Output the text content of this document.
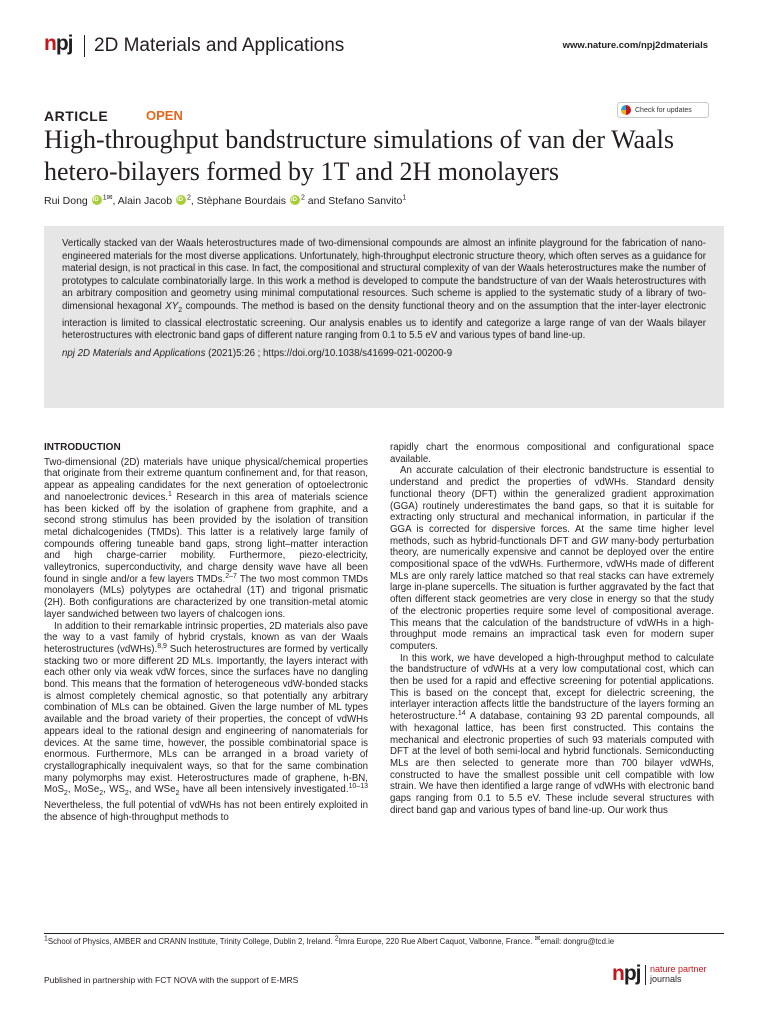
npj 2D Materials and Applications	www.nature.com/npj2dmaterials
ARTICLE	OPEN	Check for updates
High-throughput bandstructure simulations of van der Waals hetero-bilayers formed by 1T and 2H monolayers
Rui Dong iD $^{1✉}$, Alain Jacob iD $^2$, Stèphane Bourdais iD $^2$ and Stefano Sanvito$^1$

Vertically stacked van der Waals heterostructures made of two-dimensional compounds are almost an infinite playground for the fabrication of nano-engineered materials for the most diverse applications. Unfortunately, high-throughput electronic structure theory, which often serves as a guidance for material design, is not practical in this case. In fact, the compositional and structural complexity of van der Waals heterostructures make the number of prototypes to calculate combinatorially large. In this work a method is developed to compute the bandstructure of van der Waals heterostructures with an arbitrary composition and geometry using minimal computational resources. Such scheme is applied to the systematic study of a library of two-dimensional hexagonal $XY_2$ compounds. The method is based on the density functional theory and on the assumption that the inter-layer electronic interaction is limited to classical electrostatic screening. Our analysis enables us to identify and categorize a large range of van der Waals bilayer heterostructures with electronic band gaps of different nature ranging from 0.1 to 5.5 eV and various types of band line-up.

npj 2D Materials and Applications (2021)5:26 ; https://doi.org/10.1038/s41699-021-00200-9

INTRODUCTION

Two-dimensional (2D) materials have unique physical/chemical properties that originate from their extreme quantum confinement and, for that reason, appear as appealing candidates for the next generation of optoelectronic and nanoelectronic devices.$^1$ Research in this area of materials science has been kicked off by the isolation of graphene from graphite, and a second strong stimulus has been provided by the isolation of transition metal dichalcogenides (TMDs). This latter is a relatively large family of compounds offering tuneable band gaps, strong light–matter interaction and high charge-carrier mobility. Furthermore, piezo-electricity, valleytronics, superconductivity, and charge density wave have all been found in single and/or a few layers TMDs.$^{2-7}$ The two most common TMDs monolayers (MLs) polytypes are octahedral (1T) and trigonal prismatic (2H). Both configurations are characterized by one transition-metal atomic layer sandwiched between two layers of chalcogen ions.

In addition to their remarkable intrinsic properties, 2D materials also pave the way to a vast family of hybrid crystals, known as van der Waals heterostructures (vdWHs).$^{8,9}$ Such heterostructures are formed by vertically stacking two or more different 2D MLs. Importantly, the layers interact with each other only via weak vdW forces, since the surfaces have no dangling bond. This means that the formation of heterogeneous vdW-bonded stacks is almost completely chemical agnostic, so that potentially any arbitrary combination of MLs can be obtained. Given the large number of ML types available and the broad variety of their properties, the concept of vdWHs appears ideal to the rational design and engineering of nanomaterials for devices. At the same time, however, the possible combinatorial space is enormous. Furthermore, MLs can be arranged in a broad variety of crystallographically inequivalent ways, so that for the same combination many polymorphs may exist. Heterostructures made of graphene, h-BN, MoS$_2$, MoSe$_2$, $WS_2$, and WSe$_2$ have all been intensively investigated.$^{10-13}$ Nevertheless, the full potential of vdWHs has not been entirely exploited in the absence of high-throughput methods to

rapidly chart the enormous compositional and configurational space available.

An accurate calculation of their electronic bandstructure is essential to understand and predict the properties of vdWHs. Standard density functional theory (DFT) within the generalized gradient approximation (GGA) routinely underestimates the band gaps, so that it is suitable for extracting only structural and mechanical information, in particular if the GGA is corrected for dispersive forces. At the same time higher level methods, such as hybrid-functionals DFT and GW many-body perturbation theory, are numerically expensive and cannot be deployed over the entire compositional space of the vdWHs. Furthermore, vdWHs made of different MLs are only rarely lattice matched so that real stacks can have extremely large in-plane supercells. The situation is further aggravated by the fact that often different stack geometries are very close in energy so that the study of the electronic properties require some level of compositional average. This means that the calculation of the bandstructure of vdWHs in a high-throughput mode remains an impractical task even for modern super computers.

In this work, we have developed a high-throughput method to calculate the bandstructure of vdWHs at a very low computational cost, which can then be used for a rapid and effective screening for potential applications. This is based on the concept that, except for dielectric screening, the interlayer interaction affects little the bandstructure of the layers forming an heterostructure.$^{14}$ A database, containing 93 2D parental compounds, all with hexagonal lattice, has been first constructed. This contains the mechanical and electronic properties of such 93 materials computed with DFT at the level of both semi-local and hybrid functionals. Semiconducting MLs are then selected to generate more than 700 bilayer vdWHs, constructed to have the smallest possible unit cell compatible with low strain. We have then identified a large range of vdWHs with electronic band gaps ranging from 0.1 to 5.5 eV. These include several structures with direct band gap and various types of band line-up. Our work thus

$^1$School of Physics, AMBER and CRANN Institute, Trinity College, Dublin 2, Ireland. $^2$Imra Europe, 220 Rue Albert Caquot, Valbonne, France. ✉email: dongru@tcd.ie
Published in partnership with FCT NOVA with the support of E-MRS	npj nature partner
journals
